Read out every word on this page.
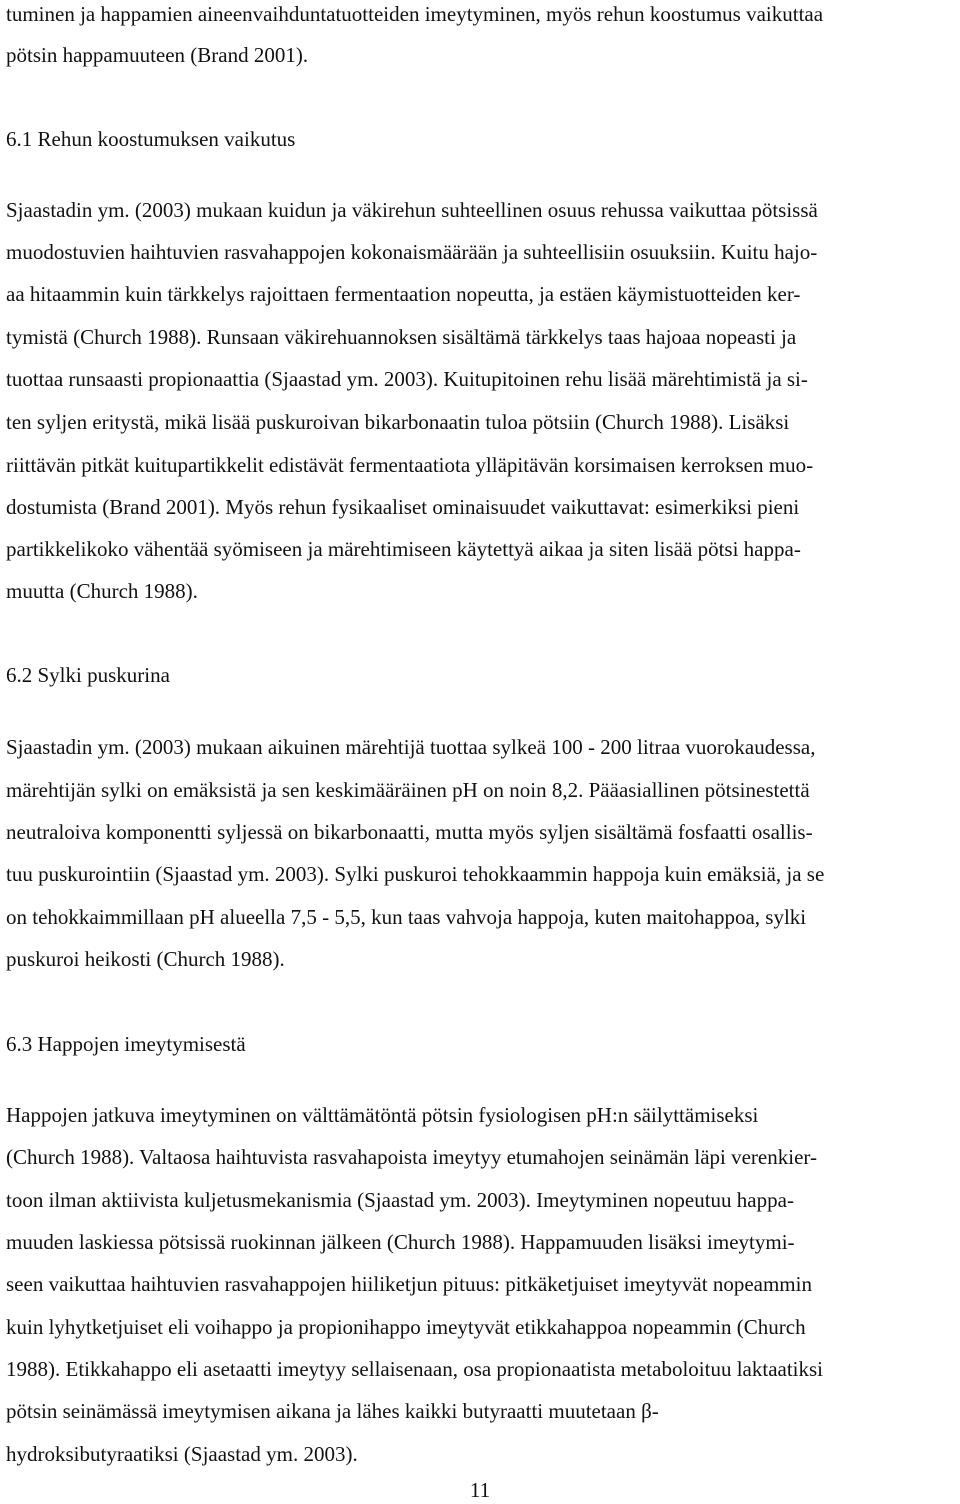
tuminen ja happamien aineenvaihduntatuotteiden imeytyminen, myös rehun koostumus vaikuttaa
pötsin happamuuteen (Brand 2001).
6.1 Rehun koostumuksen vaikutus
Sjaastadin ym. (2003) mukaan kuidun ja väkirehun suhteellinen osuus rehussa vaikuttaa pötsissä
muodostuvien haihtuvien rasvahappojen kokonaismäärään ja suhteellisiin osuuksiin. Kuitu hajo-
aa hitaammin kuin tärkkelys rajoittaen fermentaation nopeutta, ja estäen käymistuotteiden ker-
tymistä (Church 1988). Runsaan väkirehuannoksen sisältämä tärkkelys taas hajoaa nopeasti ja
tuottaa runsaasti propionaattia (Sjaastad ym. 2003). Kuitupitoinen rehu lisää märehtimistä ja si-
ten syljen eritystä, mikä lisää puskuroivan bikarbonaatin tuloa pötsiin (Church 1988). Lisäksi
riittävän pitkät kuitupartikkelit edistävät fermentaatiota ylläpitävän korsimaisen kerroksen muo-
dostumista (Brand 2001). Myös rehun fysikaaliset ominaisuudet vaikuttavat: esimerkiksi pieni
partikkelikoko vähentää syömiseen ja märehtimiseen käytettyä aikaa ja siten lisää pötsi happa-
muutta (Church 1988).
6.2 Sylki puskurina
Sjaastadin ym. (2003) mukaan aikuinen märehtijä tuottaa sylkeä 100 - 200 litraa vuorokaudessa,
märehtijän sylki on emäksistä ja sen keskimääräinen pH on noin 8,2. Pääasiallinen pötsinestettä
neutraloiva komponentti syljessä on bikarbonaatti, mutta myös syljen sisältämä fosfaatti osallis-
tuu puskurointiin (Sjaastad ym. 2003). Sylki puskuroi tehokkaammin happoja kuin emäksiä, ja se
on tehokkaimmillaan pH alueella 7,5 - 5,5, kun taas vahvoja happoja, kuten maitohappoa, sylki
puskuroi heikosti (Church 1988).
6.3 Happojen imeytymisestä
Happojen jatkuva imeytyminen on välttämätöntä pötsin fysiologisen pH:n säilyttämiseksi
(Church 1988). Valtaosa haihtuvista rasvahapoista imeytyy etumahojen seinämän läpi verenkier-
toon ilman aktiivista kuljetusmekanismia (Sjaastad ym. 2003). Imeytyminen nopeutuu happa-
muuden laskiessa pötsissä ruokinnan jälkeen (Church 1988). Happamuuden lisäksi imeytymi-
seen vaikuttaa haihtuvien rasvahappojen hiiliketjun pituus: pitkäketjuiset imeytyvät nopeammin
kuin lyhytketjuiset eli voihappo ja propionihappo imeytyvät etikkahappoa nopeammin (Church
1988). Etikkahappo eli asetaatti imeytyy sellaisenaan, osa propionaatista metaboloituu laktaatiksi
pötsin seinämässä imeytymisen aikana ja lähes kaikki butyraatti muutetaan β-
hydroksibutyraatiksi (Sjaastad ym. 2003).
11
